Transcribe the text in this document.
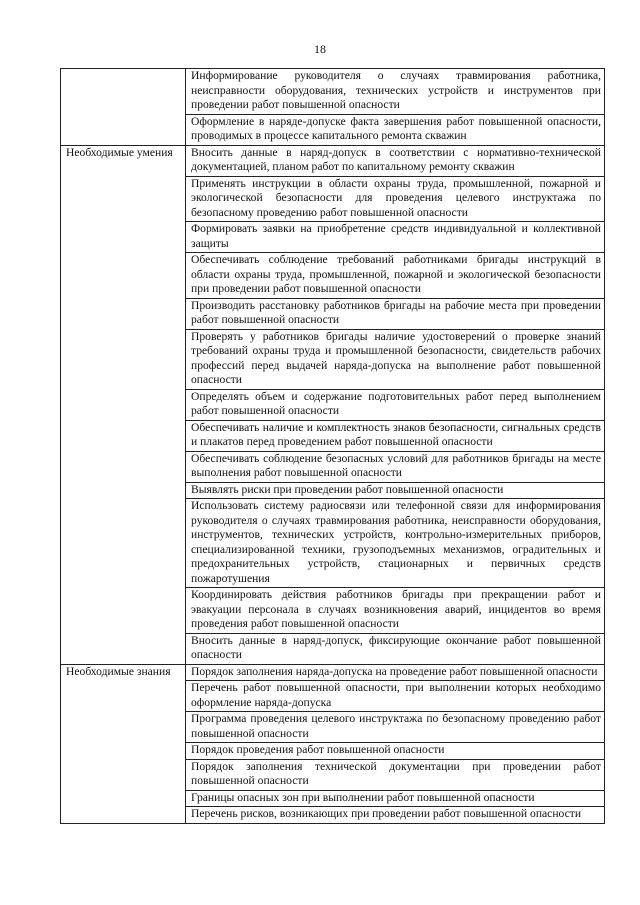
18
	Информирование руководителя о случаях травмирования работника, неисправности оборудования, технических устройств и инструментов при проведении работ повышенной опасности
	Оформление в наряде-допуске факта завершения работ повышенной опасности, проводимых в процессе капитального ремонта скважин
Необходимые умения	Вносить данные в наряд-допуск в соответствии с нормативно-технической документацией, планом работ по капитальному ремонту скважин
	Применять инструкции в области охраны труда, промышленной, пожарной и экологической безопасности для проведения целевого инструктажа по безопасному проведению работ повышенной опасности
	Формировать заявки на приобретение средств индивидуальной и коллективной защиты
	Обеспечивать соблюдение требований работниками бригады инструкций в области охраны труда, промышленной, пожарной и экологической безопасности при проведении работ повышенной опасности
	Производить расстановку работников бригады на рабочие места при проведении работ повышенной опасности
	Проверять у работников бригады наличие удостоверений о проверке знаний требований охраны труда и промышленной безопасности, свидетельств рабочих профессий перед выдачей наряда-допуска на выполнение работ повышенной опасности
	Определять объем и содержание подготовительных работ перед выполнением работ повышенной опасности
	Обеспечивать наличие и комплектность знаков безопасности, сигнальных средств и плакатов перед проведением работ повышенной опасности
	Обеспечивать соблюдение безопасных условий для работников бригады на месте выполнения работ повышенной опасности
	Выявлять риски при проведении работ повышенной опасности
	Использовать систему радиосвязи или телефонной связи для информирования руководителя о случаях травмирования работника, неисправности оборудования, инструментов, технических устройств, контрольно-измерительных приборов, специализированной техники, грузоподъемных механизмов, оградительных и предохранительных устройств, стационарных и первичных средств пожаротушения
	Координировать действия работников бригады при прекращении работ и эвакуации персонала в случаях возникновения аварий, инцидентов во время проведения работ повышенной опасности
	Вносить данные в наряд-допуск, фиксирующие окончание работ повышенной опасности
Необходимые знания	Порядок заполнения наряда-допуска на проведение работ повышенной опасности
	Перечень работ повышенной опасности, при выполнении которых необходимо оформление наряда-допуска
	Программа проведения целевого инструктажа по безопасному проведению работ повышенной опасности
	Порядок проведения работ повышенной опасности
	Порядок заполнения технической документации при проведении работ повышенной опасности
	Границы опасных зон при выполнении работ повышенной опасности
	Перечень рисков, возникающих при проведении работ повышенной опасности
